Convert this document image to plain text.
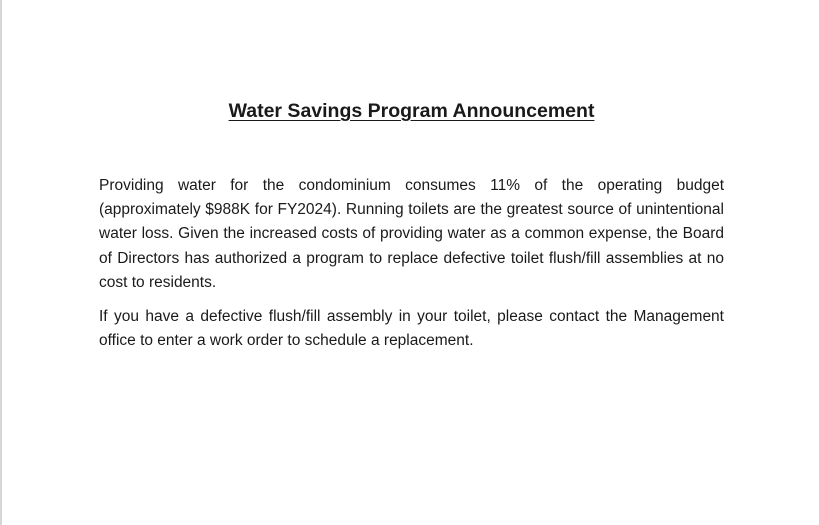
Water Savings Program Announcement

Providing water for the condominium consumes 11% of the operating budget (approximately $988K for FY2024). Running toilets are the greatest source of unintentional water loss. Given the increased costs of providing water as a common expense, the Board of Directors has authorized a program to replace defective toilet flush/fill assemblies at no cost to residents.

If you have a defective flush/fill assembly in your toilet, please contact the Management office to enter a work order to schedule a replacement.
